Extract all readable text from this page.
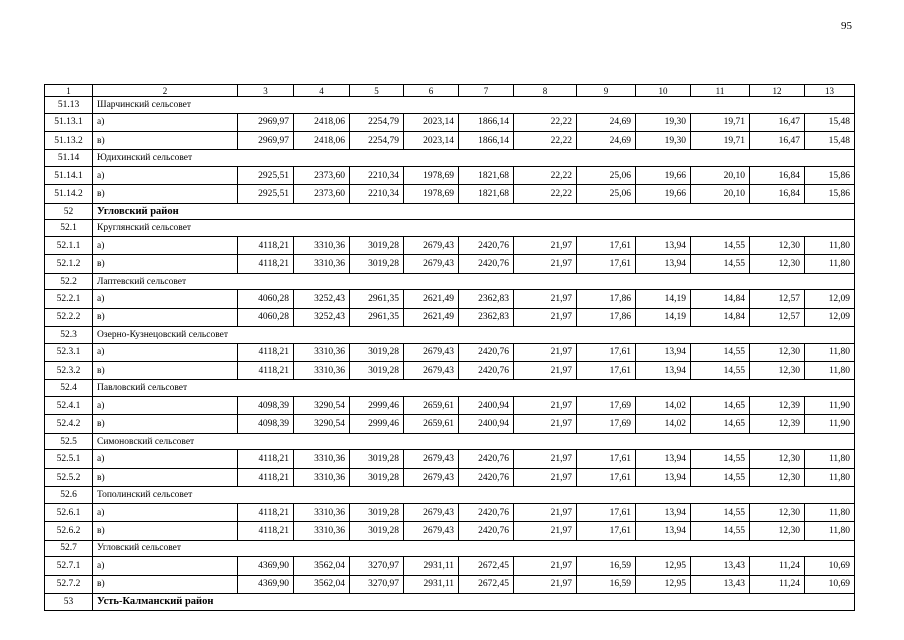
95
1	2	3	4	5	6	7	8	9	10	11	12	13
51.13	Шарчинский сельсовет											
51.13.1	а)	2969,97	2418,06	2254,79	2023,14	1866,14	22,22	24,69	19,30	19,71	16,47	15,48
51.13.2	в)	2969,97	2418,06	2254,79	2023,14	1866,14	22,22	24,69	19,30	19,71	16,47	15,48
51.14	Юдихинский сельсовет											
51.14.1	а)	2925,51	2373,60	2210,34	1978,69	1821,68	22,22	25,06	19,66	20,10	16,84	15,86
51.14.2	в)	2925,51	2373,60	2210,34	1978,69	1821,68	22,22	25,06	19,66	20,10	16,84	15,86
52	Угловский район											
52.1	Круглянский сельсовет											
52.1.1	а)	4118,21	3310,36	3019,28	2679,43	2420,76	21,97	17,61	13,94	14,55	12,30	11,80
52.1.2	в)	4118,21	3310,36	3019,28	2679,43	2420,76	21,97	17,61	13,94	14,55	12,30	11,80
52.2	Лаптевский сельсовет											
52.2.1	а)	4060,28	3252,43	2961,35	2621,49	2362,83	21,97	17,86	14,19	14,84	12,57	12,09
52.2.2	в)	4060,28	3252,43	2961,35	2621,49	2362,83	21,97	17,86	14,19	14,84	12,57	12,09
52.3	Озерно-Кузнецовский сельсовет											
52.3.1	а)	4118,21	3310,36	3019,28	2679,43	2420,76	21,97	17,61	13,94	14,55	12,30	11,80
52.3.2	в)	4118,21	3310,36	3019,28	2679,43	2420,76	21,97	17,61	13,94	14,55	12,30	11,80
52.4	Павловский сельсовет											
52.4.1	а)	4098,39	3290,54	2999,46	2659,61	2400,94	21,97	17,69	14,02	14,65	12,39	11,90
52.4.2	в)	4098,39	3290,54	2999,46	2659,61	2400,94	21,97	17,69	14,02	14,65	12,39	11,90
52.5	Симоновский сельсовет											
52.5.1	а)	4118,21	3310,36	3019,28	2679,43	2420,76	21,97	17,61	13,94	14,55	12,30	11,80
52.5.2	в)	4118,21	3310,36	3019,28	2679,43	2420,76	21,97	17,61	13,94	14,55	12,30	11,80
52.6	Тополинский сельсовет											
52.6.1	а)	4118,21	3310,36	3019,28	2679,43	2420,76	21,97	17,61	13,94	14,55	12,30	11,80
52.6.2	в)	4118,21	3310,36	3019,28	2679,43	2420,76	21,97	17,61	13,94	14,55	12,30	11,80
52.7	Угловский сельсовет											
52.7.1	а)	4369,90	3562,04	3270,97	2931,11	2672,45	21,97	16,59	12,95	13,43	11,24	10,69
52.7.2	в)	4369,90	3562,04	3270,97	2931,11	2672,45	21,97	16,59	12,95	13,43	11,24	10,69
53	Усть-Калманский район											
